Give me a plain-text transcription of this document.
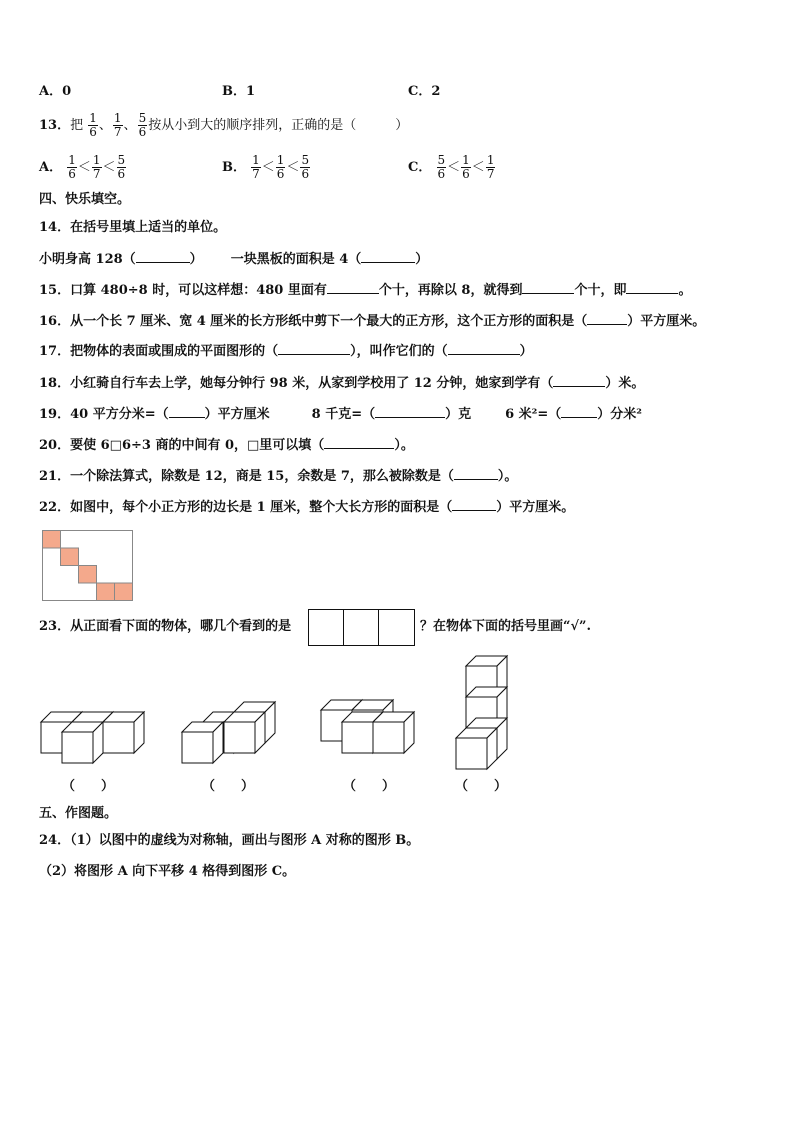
A．0	B．1	C．2
13．把 $\frac{1}{6}$ 、 $\frac{1}{7}$ 、 $\frac{5}{6}$ 按从小到大的顺序排列，正确的是（　　　）
A． $\frac{1}{6} < \frac{1}{7} < \frac{5}{6}$	B． $\frac{1}{7} < \frac{1}{6} < \frac{5}{6}$	C． $\frac{5}{6} < \frac{1}{6} < \frac{1}{7}$
四、快乐填空。
14．在括号里填上适当的单位。
小明身高 128（	） 一块黑板的面积是 4（	）
15．口算 480÷8 时，可以这样想：480 里面有	个十，再除以 8，就得到	个十，即	。
16．从一个长 7 厘米、宽 4 厘米的长方形纸中剪下一个最大的正方形，这个正方形的面积是（	）平方厘米。
17．把物体的表面或围成的平面图形的（	），叫作它们的（	）
18．小红骑自行车去上学，她每分钟行 98 米，从家到学校用了 12 分钟，她家到学有（	）米。
19．40 平方分米=（	）平方厘米	8 千克=（	）克	6 米²=（	）分米²
20．要使 6□6÷3 商的中间有 0，□里可以填（	）。
21．一个除法算式，除数是 12，商是 15，余数是 7，那么被除数是（	）。
22．如图中，每个小正方形的边长是 1 厘米，整个大长方形的面积是（	）平方厘米。
23．从正面看下面的物体，哪几个看到的是	？在物体下面的括号里画“√”.
（　　）	（　　）	（　　）	（　　）
五、作图题。
24．（1）以图中的虚线为对称轴，画出与图形 A 对称的图形 B。
（2）将图形 A 向下平移 4 格得到图形 C。
